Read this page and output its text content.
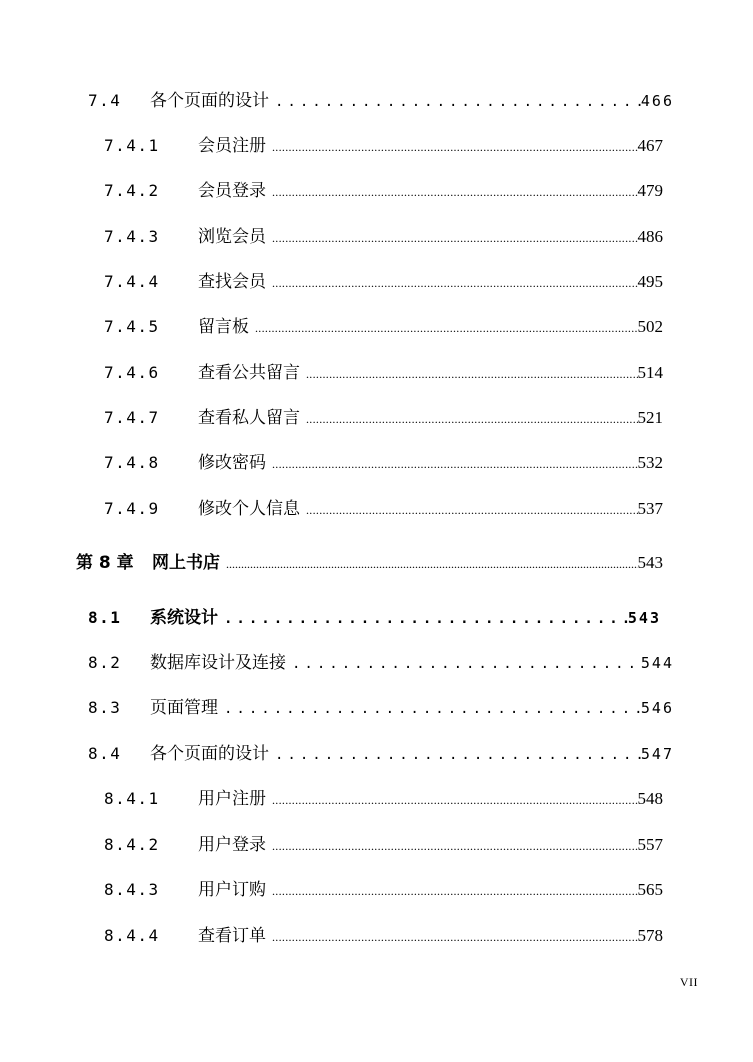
7.4	各个页面的设计 .....	466
7.4.1	会员注册 .....	467
7.4.2	会员登录 .....	479
7.4.3	浏览会员 .....	486
7.4.4	查找会员 .....	495
7.4.5	留言板 .....	502
7.4.6	查看公共留言 .....	514
7.4.7	查看私人留言 .....	521
7.4.8	修改密码 .....	532
7.4.9	修改个人信息 .....	537
第 8 章	网上书店 .....	543
8.1	系统设计 .....	543
8.2	数据库设计及连接 .....	544
8.3	页面管理 .....	546
8.4	各个页面的设计 .....	547
8.4.1	用户注册 .....	548
8.4.2	用户登录 .....	557
8.4.3	用户订购 .....	565
8.4.4	查看订单 .....	578
VII
